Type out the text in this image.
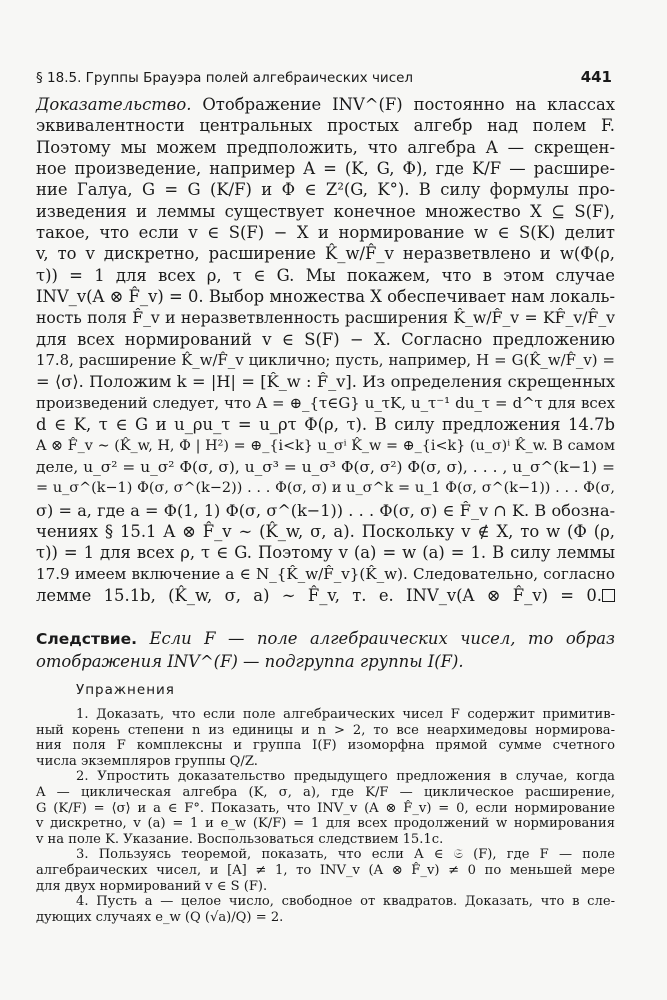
§ 18.5. Группы Брауэра полей алгебраических чисел	441
Доказательство. Отображение INV^(F) постоянно на классах
эквивалентности центральных простых алгебр над полем F.
Поэтому мы можем предположить, что алгебра A — скрещен-
ное произведение, например A = (K, G, Φ), где K/F — расшире-
ние Галуа, G = G (K/F) и Φ ∈ Z²(G, K°). В силу формулы про-
изведения и леммы существует конечное множество X ⊆ S(F),
такое, что если v ∈ S(F) − X и нормирование w ∈ S(K) делит
v, то v дискретно, расширение K̂_w/F̂_v неразветвлено и w(Φ(ρ,
τ)) = 1 для всех ρ, τ ∈ G. Мы покажем, что в этом случае
INV_v(A ⊗ F̂_v) = 0. Выбор множества X обеспечивает нам локаль-
ность поля F̂_v и неразветвленность расширения K̂_w/F̂_v = KF̂_v/F̂_v
для всех нормирований v ∈ S(F) − X. Согласно предложению
17.8, расширение K̂_w/F̂_v циклично; пусть, например, H = G(K̂_w/F̂_v) =
= ⟨σ⟩. Положим k = |H| = [K̂_w : F̂_v]. Из определения скрещенных
произведений следует, что A = ⊕_{τ∈G} u_τK, u_τ⁻¹ du_τ = d^τ для всех
d ∈ K, τ ∈ G и u_ρu_τ = u_ρτ Φ(ρ, τ). В силу предложения 14.7b
A ⊗ F̂_v ∼ (K̂_w, H, Φ | H²) = ⊕_{i<k} u_σⁱ K̂_w = ⊕_{i<k} (u_σ)ⁱ K̂_w. В самом
деле, u_σ² = u_σ² Φ(σ, σ), u_σ³ = u_σ³ Φ(σ, σ²) Φ(σ, σ), . . . , u_σ^(k−1) =
= u_σ^(k−1) Φ(σ, σ^(k−2)) . . . Φ(σ, σ) и u_σ^k = u_1 Φ(σ, σ^(k−1)) . . . Φ(σ,
σ) = a, где a = Φ(1, 1) Φ(σ, σ^(k−1)) . . . Φ(σ, σ) ∈ F̂_v ∩ K. В обозна-
чениях § 15.1 A ⊗ F̂_v ∼ (K̂_w, σ, a). Поскольку v ∉ X, то w (Φ (ρ,
τ)) = 1 для всех ρ, τ ∈ G. Поэтому v (a) = w (a) = 1. В силу леммы
17.9 имеем включение a ∈ N_{K̂_w/F̂_v}(K̂_w). Следовательно, согласно
лемме 15.1b, (K̂_w, σ, a) ∼ F̂_v, т. е. INV_v(A ⊗ F̂_v) = 0.
Следствие. Если F — поле алгебраических чисел, то образ
отображения INV^(F) — подгруппа группы I(F).
Упражнения
1. Доказать, что если поле алгебраических чисел F содержит примитив-
ный корень степени n из единицы и n > 2, то все неархимедовы нормирова-
ния поля F комплексны и группа I(F) изоморфна прямой сумме счетного
числа экземпляров группы Q/Z.
2. Упростить доказательство предыдущего предложения в случае, когда
A — циклическая алгебра (K, σ, a), где K/F — циклическое расширение,
G (K/F) = ⟨σ⟩ и a ∈ F°. Показать, что INV_v (A ⊗ F̂_v) = 0, если нормирование
v дискретно, v (a) = 1 и e_w (K/F) = 1 для всех продолжений w нормирования
v на поле K. Указание. Воспользоваться следствием 15.1c.
3. Пользуясь теоремой, показать, что если A ∈ 𝔖 (F), где F — поле
алгебраических чисел, и [A] ≠ 1, то INV_v (A ⊗ F̂_v) ≠ 0 по меньшей мере
для двух нормирований v ∈ S (F).
4. Пусть a — целое число, свободное от квадратов. Доказать, что в сле-
дующих случаях e_w (Q (√a)/Q) = 2.
